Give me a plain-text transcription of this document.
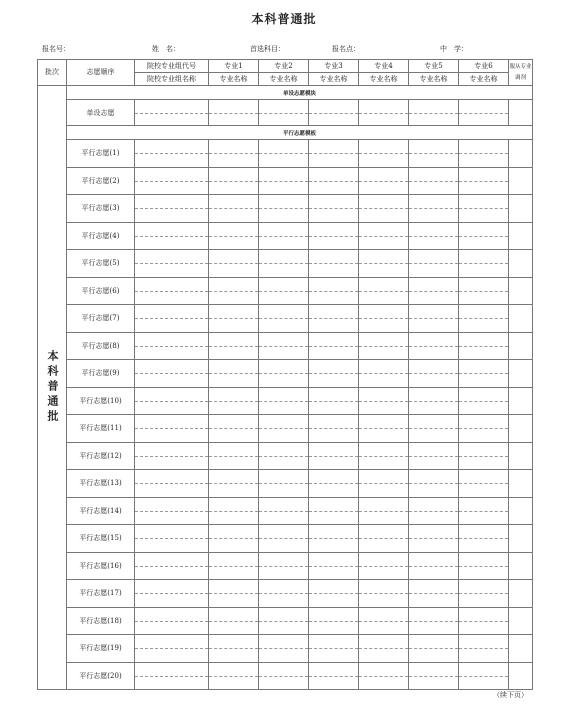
本科普通批
报名号：	姓　名：	首选科目：	报名点：	中　学：
批次	志愿顺序	院校专业组代号	专业1	专业2	专业3	专业4	专业5	专业6	服从专业调剂
		院校专业组名称	专业名称	专业名称	专业名称	专业名称	专业名称	专业名称	

本科普通批	单设志愿模块								
	单设志愿								
	平行志愿模板								
	平行志愿(1)								
	平行志愿(2)								
	平行志愿(3)								
	平行志愿(4)								
	平行志愿(5)								
	平行志愿(6)								
	平行志愿(7)								
	平行志愿(8)								
	平行志愿(9)								
	平行志愿(10)								
	平行志愿(11)								
	平行志愿(12)								
	平行志愿(13)								
	平行志愿(14)								
	平行志愿(15)								
	平行志愿(16)								
	平行志愿(17)								
	平行志愿(18)								
	平行志愿(19)								
	平行志愿(20)								
（续下页）
